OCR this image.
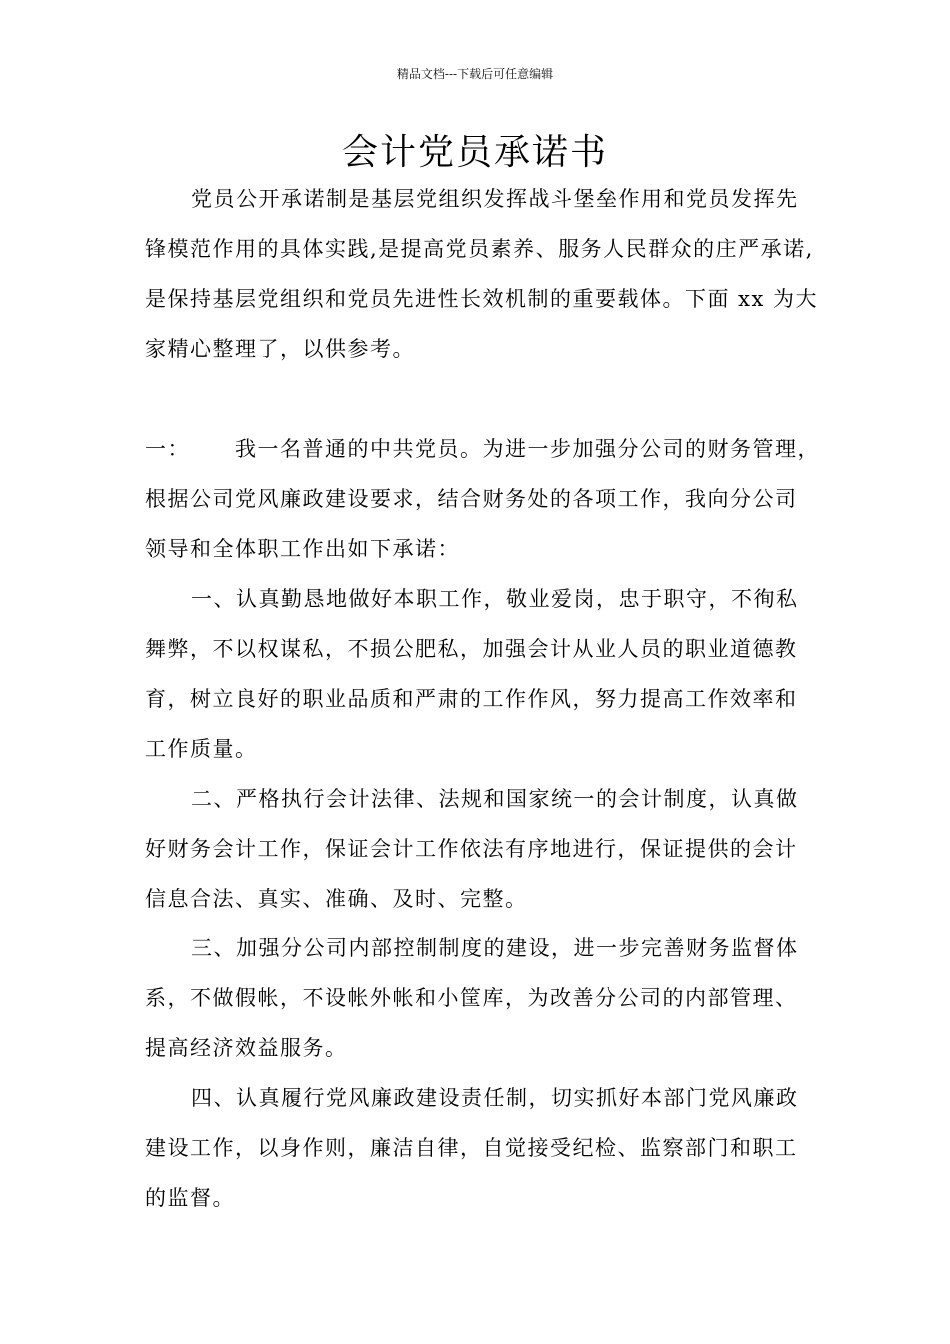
精品文档---下载后可任意编辑
会计党员承诺书
党员公开承诺制是基层党组织发挥战斗堡垒作用和党员发挥先
锋模范作用的具体实践,是提高党员素养、服务人民群众的庄严承诺,
是保持基层党组织和党员先进性长效机制的重要载体。下面 xx 为大
家精心整理了，以供参考。
一： 我一名普通的中共党员。为进一步加强分公司的财务管理，
根据公司党风廉政建设要求，结合财务处的各项工作，我向分公司
领导和全体职工作出如下承诺：
一、认真勤恳地做好本职工作，敬业爱岗，忠于职守，不徇私
舞弊，不以权谋私，不损公肥私，加强会计从业人员的职业道德教
育，树立良好的职业品质和严肃的工作作风，努力提高工作效率和
工作质量。
二、严格执行会计法律、法规和国家统一的会计制度，认真做
好财务会计工作，保证会计工作依法有序地进行，保证提供的会计
信息合法、真实、准确、及时、完整。
三、加强分公司内部控制制度的建设，进一步完善财务监督体
系，不做假帐，不设帐外帐和小筐库，为改善分公司的内部管理、
提高经济效益服务。
四、认真履行党风廉政建设责任制，切实抓好本部门党风廉政
建设工作，以身作则，廉洁自律，自觉接受纪检、监察部门和职工
的监督。
